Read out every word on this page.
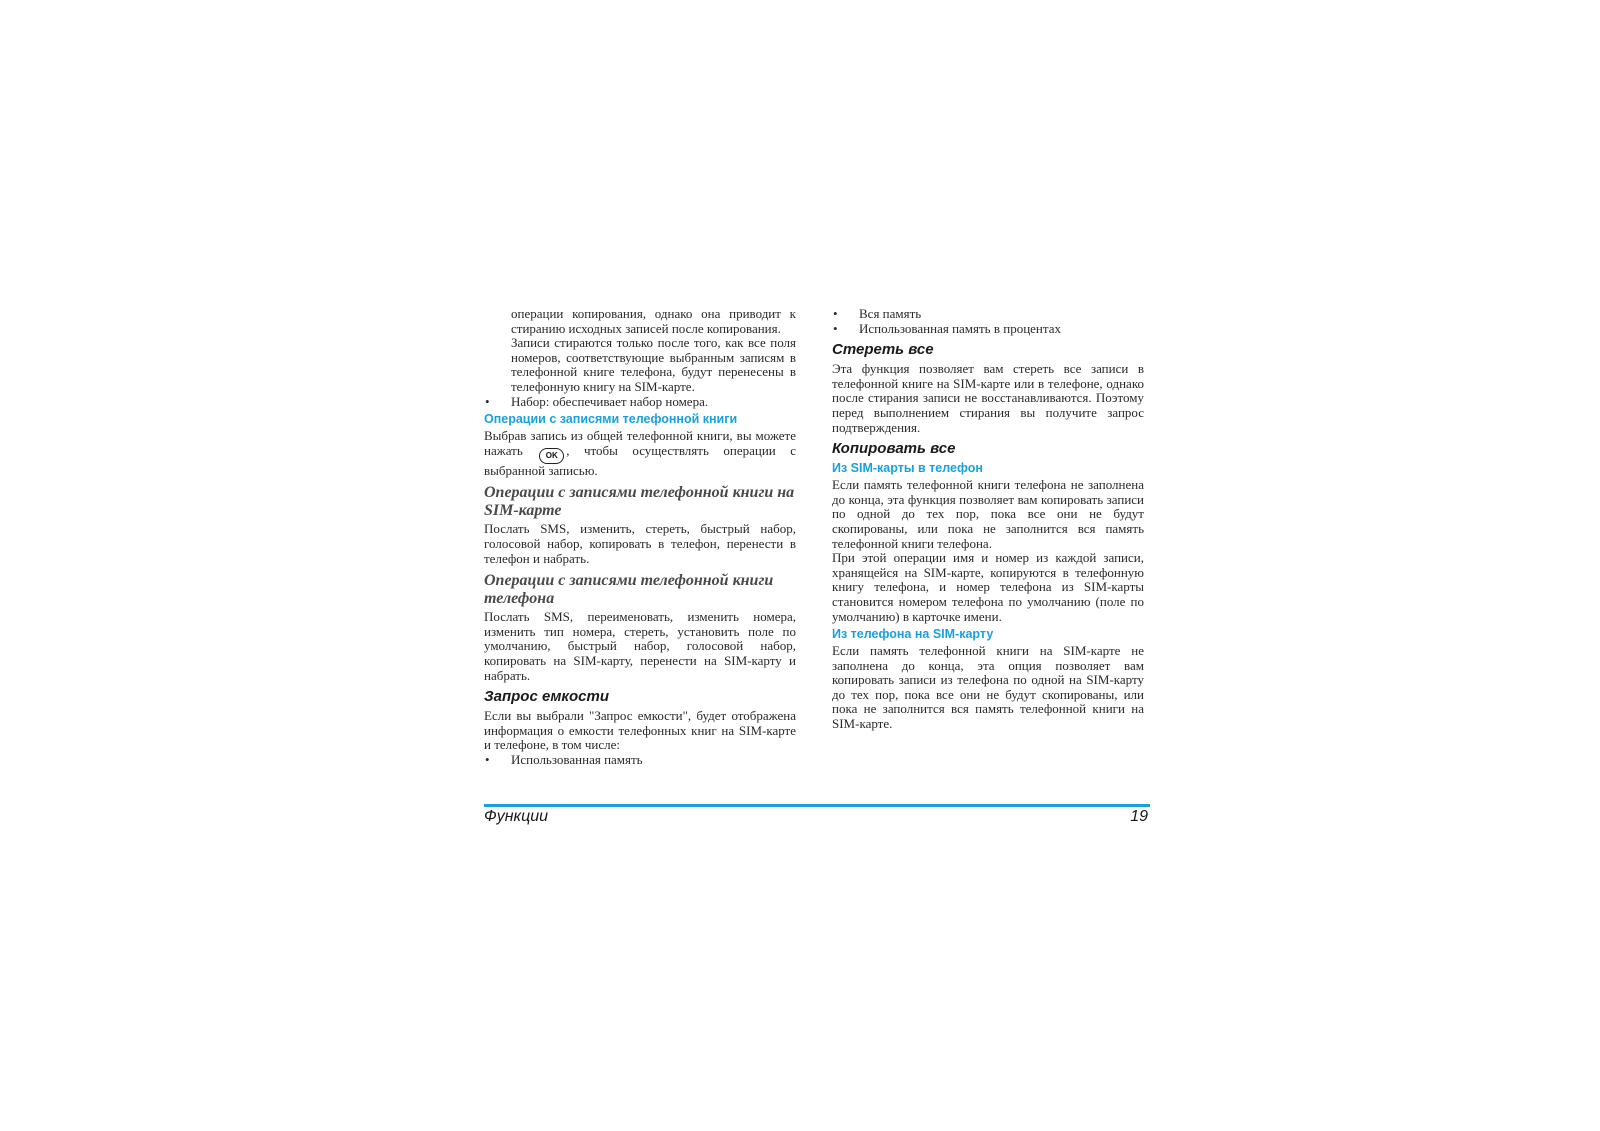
операции копирования, однако она приводит к стиранию исходных записей после копирования.

Записи стираются только после того, как все поля номеров, соответствующие выбранным записям в телефонной книге телефона, будут перенесены в телефонную книгу на SIM-карте.

• Набор: обеспечивает набор номера.
Операции с записями телефонной книги

Выбрав запись из общей телефонной книги, вы можете нажать	OK , чтобы осуществлять операции с выбранной записью.

Операции с записями телефонной книги на SIM-карте

Послать SMS, изменить, стереть, быстрый набор, голосовой набор, копировать в телефон, перенести в телефон и набрать.

Операции с записями телефонной книги телефона

Послать SMS, переименовать, изменить номера, изменить тип номера, стереть, установить поле по умолчанию, быстрый набор, голосовой набор, копировать на SIM-карту, перенести на SIM-карту и набрать.

Запрос емкости

Если вы выбрали "Запрос емкости", будет отображена информация о емкости телефонных книг на SIM-карте и телефоне, в том числе:

• Использованная память
• Вся память
• Использованная память в процентах
Стереть все

Эта функция позволяет вам стереть все записи в телефонной книге на SIM-карте или в телефоне, однако после стирания записи не восстанавливаются. Поэтому перед выполнением стирания вы получите запрос подтверждения.

Копировать все
Из SIM-карты в телефон

Если память телефонной книги телефона не заполнена до конца, эта функция позволяет вам копировать записи по одной до тех пор, пока все они не будут скопированы, или пока не заполнится вся память телефонной книги телефона.

При этой операции имя и номер из каждой записи, хранящейся на SIM-карте, копируются в телефонную книгу телефона, и номер телефона из SIM-карты становится номером телефона по умолчанию (поле по умолчанию) в карточке имени.

Из телефона на SIM-карту

Если память телефонной книги на SIM-карте не заполнена до конца, эта опция позволяет вам копировать записи из телефона по одной на SIM-карту до тех пор, пока все они не будут скопированы, или пока не заполнится вся память телефонной книги на SIM-карте.

Функции	19
